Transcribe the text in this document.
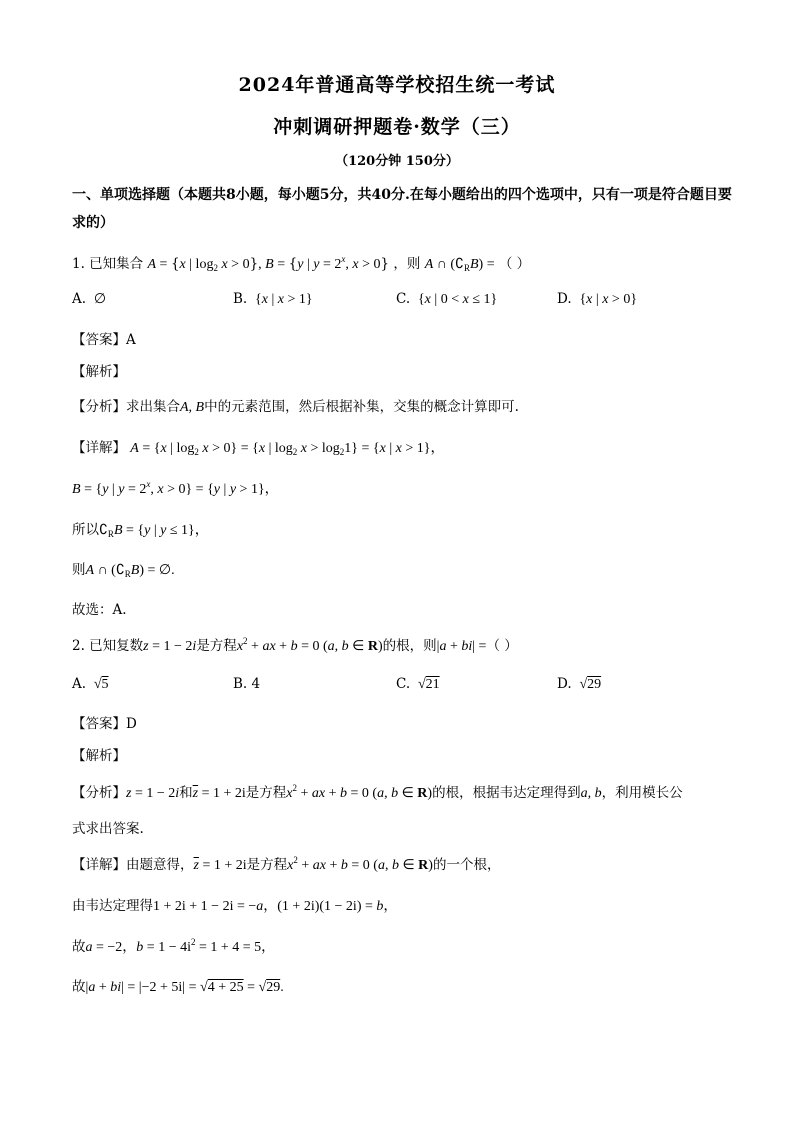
2024年普通高等学校招生统一考试
冲刺调研押题卷·数学（三）
（120分钟 150分）
一、单项选择题（本题共8小题，每小题5分，共40分.在每小题给出的四个选项中，只有一项是符合题目要求的）
1. 已知集合 A = {x | $\log_2 x > 0$}, B = {y | $y = 2^x$, x > 0} ，则 A ∩ $(∁_RB)$ = （ ）
A.  ∅	B.  {x | x > 1}	C.  {x | 0 < x ≤ 1}	D.  {x | x > 0}
【答案】A
【解析】
【分析】求出集合A, B中的元素范围，然后根据补集，交集的概念计算即可.
【详解】 A = {x | $\log_2 x > 0\} = \{x$ | $\log_2 x > \log_21\} = \{x$ | x > 1}，
B = {y | $y = 2^x$, x > 0} = {y | y > 1}，
所以$∁_RB = \{y$ | y ≤ 1}，
则A ∩ $(∁_RB)$ = ∅.
故选：A.
2. 已知复数z = 1 − 2i是方程$x^2$ + ax + b = 0 (a, b ∈ R)的根，则|a + bi| =（ ）
A.  √5	B. 4	C.  √21	D.  √29
【答案】D
【解析】
【分析】z = 1 − 2i和$\overline{z} = 1 + 2i$是方程$x^2$ + ax + b = 0 (a, b ∈ R)的根，根据韦达定理得到a, b，利用模长公
式求出答案.
【详解】由题意得，$\overline{z} = 1 + 2i$是方程$x^2$ + ax + b = 0 (a, b ∈ R)的一个根，
由韦达定理得1 + 2i + 1 − 2i = −a，(1 + 2i)(1 − 2i) = b，
故a = −2，$b = 1 - 4i^2 = 1 + 4 = 5$，
故|a + bi| = |−2 + 5i| = √4 + 25 = √29.
